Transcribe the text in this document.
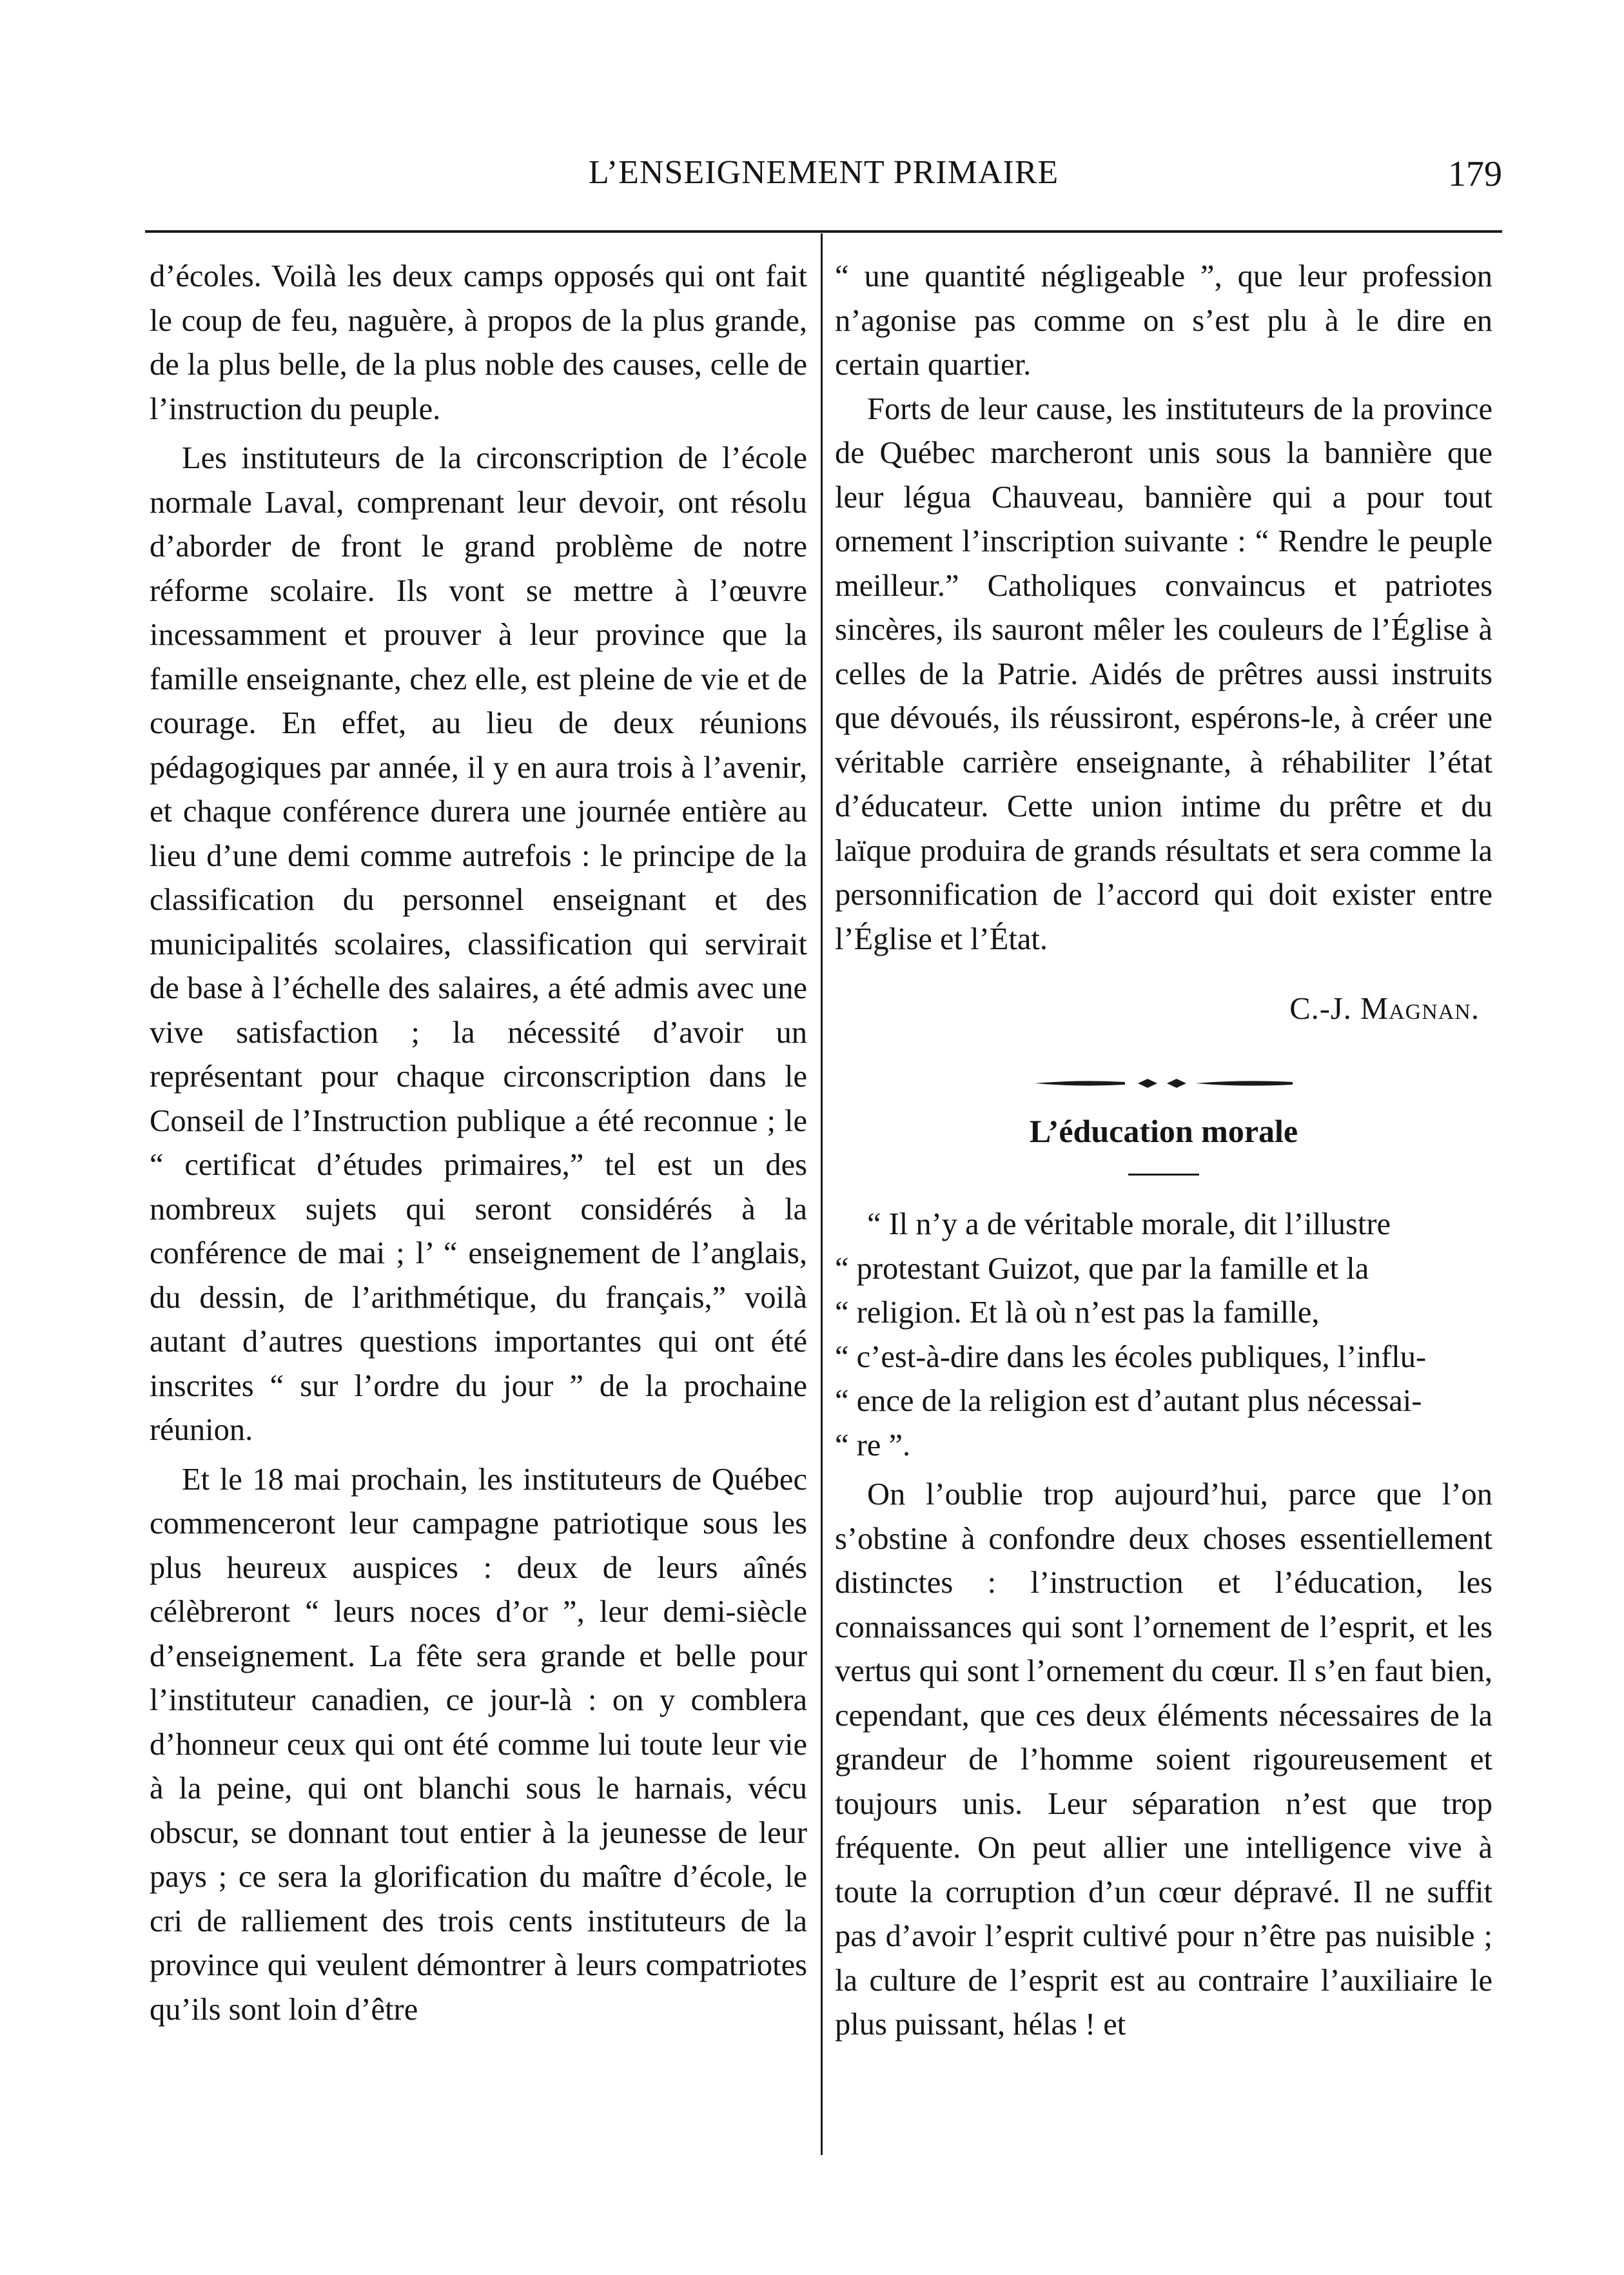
L’ENSEIGNEMENT PRIMAIRE	179

d’écoles. Voilà les deux camps opposés qui ont fait le coup de feu, naguère, à propos de la plus grande, de la plus belle, de la plus noble des causes, celle de l’instruction du peuple.

Les instituteurs de la circonscription de l’école normale Laval, comprenant leur devoir, ont résolu d’aborder de front le grand problème de notre réforme scolaire. Ils vont se mettre à l’œuvre incessamment et prouver à leur province que la famille enseignante, chez elle, est pleine de vie et de courage. En effet, au lieu de deux réunions pédagogiques par année, il y en aura trois à l’avenir, et chaque conférence durera une journée entière au lieu d’une demi comme autrefois : le principe de la classification du personnel enseignant et des municipalités scolaires, classification qui servirait de base à l’échelle des salaires, a été admis avec une vive satisfaction ; la nécessité d’avoir un représentant pour chaque circonscription dans le Conseil de l’Instruction publique a été reconnue ; le “ certificat d’études primaires,” tel est un des nombreux sujets qui seront considérés à la conférence de mai ; l’ “ enseignement de l’anglais, du dessin, de l’arithmétique, du français,” voilà autant d’autres questions importantes qui ont été inscrites “ sur l’ordre du jour ” de la prochaine réunion.

Et le 18 mai prochain, les instituteurs de Québec commenceront leur campagne patriotique sous les plus heureux auspices : deux de leurs aînés célèbreront “ leurs noces d’or ”, leur demi-siècle d’enseignement. La fête sera grande et belle pour l’instituteur canadien, ce jour-là : on y comblera d’honneur ceux qui ont été comme lui toute leur vie à la peine, qui ont blanchi sous le harnais, vécu obscur, se donnant tout entier à la jeunesse de leur pays ; ce sera la glorification du maître d’école, le cri de ralliement des trois cents instituteurs de la province qui veulent démontrer à leurs compatriotes qu’ils sont loin d’être

“ une quantité négligeable ”, que leur profession n’agonise pas comme on s’est plu à le dire en certain quartier.

Forts de leur cause, les instituteurs de la province de Québec marcheront unis sous la bannière que leur légua Chauveau, bannière qui a pour tout ornement l’inscription suivante : “ Rendre le peuple meilleur.” Catholiques convaincus et patriotes sincères, ils sauront mêler les couleurs de l’Église à celles de la Patrie. Aidés de prêtres aussi instruits que dévoués, ils réussiront, espérons-le, à créer une véritable carrière enseignante, à réhabiliter l’état d’éducateur. Cette union intime du prêtre et du laïque produira de grands résultats et sera comme la personnification de l’accord qui doit exister entre l’Église et l’État.

C.-J. Magnan.
L’éducation morale

“ Il n’y a de véritable morale, dit l’illustre

“ protestant Guizot, que par la famille et la

“ religion. Et là où n’est pas la famille,

“ c’est-à-dire dans les écoles publiques, l’influ-

“ ence de la religion est d’autant plus nécessai-

“ re ”.

On l’oublie trop aujourd’hui, parce que l’on s’obstine à confondre deux choses essentiellement distinctes : l’instruction et l’éducation, les connaissances qui sont l’ornement de l’esprit, et les vertus qui sont l’ornement du cœur. Il s’en faut bien, cependant, que ces deux éléments nécessaires de la grandeur de l’homme soient rigoureusement et toujours unis. Leur séparation n’est que trop fréquente. On peut allier une intelligence vive à toute la corruption d’un cœur dépravé. Il ne suffit pas d’avoir l’esprit cultivé pour n’être pas nuisible ; la culture de l’esprit est au contraire l’auxiliaire le plus puissant, hélas ! et
